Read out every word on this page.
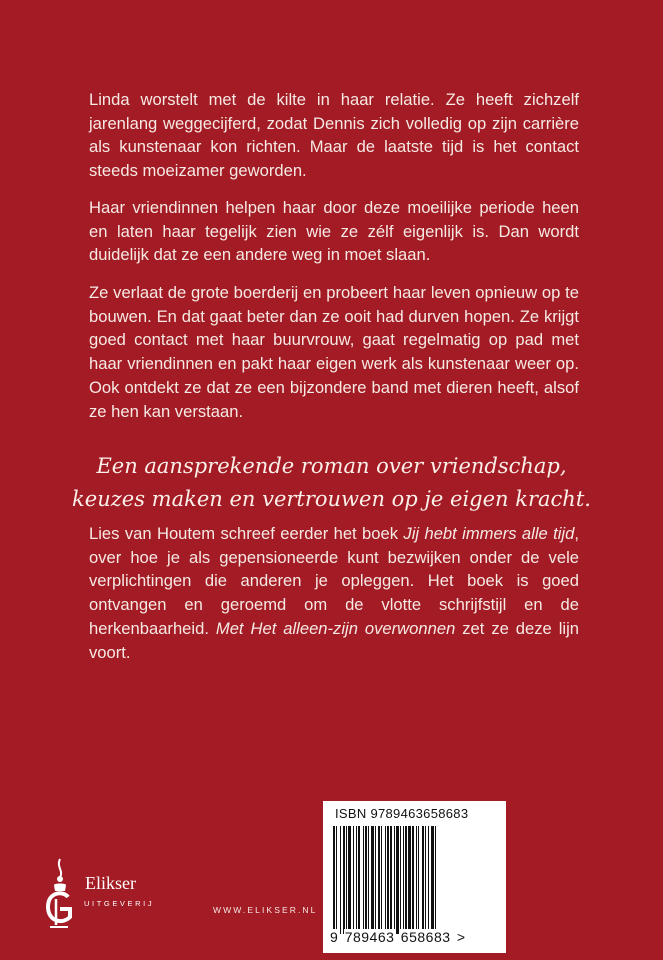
Linda worstelt met de kilte in haar relatie. Ze heeft zichzelf jarenlang weggecijferd, zodat Dennis zich volledig op zijn carrière als kunstenaar kon richten. Maar de laatste tijd is het contact steeds moeizamer geworden.

Haar vriendinnen helpen haar door deze moeilijke periode heen en laten haar tegelijk zien wie ze zélf eigenlijk is. Dan wordt duidelijk dat ze een andere weg in moet slaan.

Ze verlaat de grote boerderij en probeert haar leven opnieuw op te bouwen. En dat gaat beter dan ze ooit had durven hopen. Ze krijgt goed contact met haar buurvrouw, gaat regelmatig op pad met haar vriendinnen en pakt haar eigen werk als kunstenaar weer op. Ook ontdekt ze dat ze een bijzondere band met dieren heeft, alsof ze hen kan verstaan.

Een aansprekende roman over vriendschap,
keuzes maken en vertrouwen op je eigen kracht.

Lies van Houtem schreef eerder het boek Jij hebt immers alle tijd, over hoe je als gepensioneerde kunt bezwijken onder de vele verplichtingen die anderen je opleggen. Het boek is goed ontvangen en geroemd om de vlotte schrijfstijl en de herkenbaarheid. Met Het alleen-zijn overwonnen zet ze deze lijn voort.

Elikser
UITGEVERIJ
WWW.ELIKSER.NL
ISBN 9789463658683
9 789463 658683 >
